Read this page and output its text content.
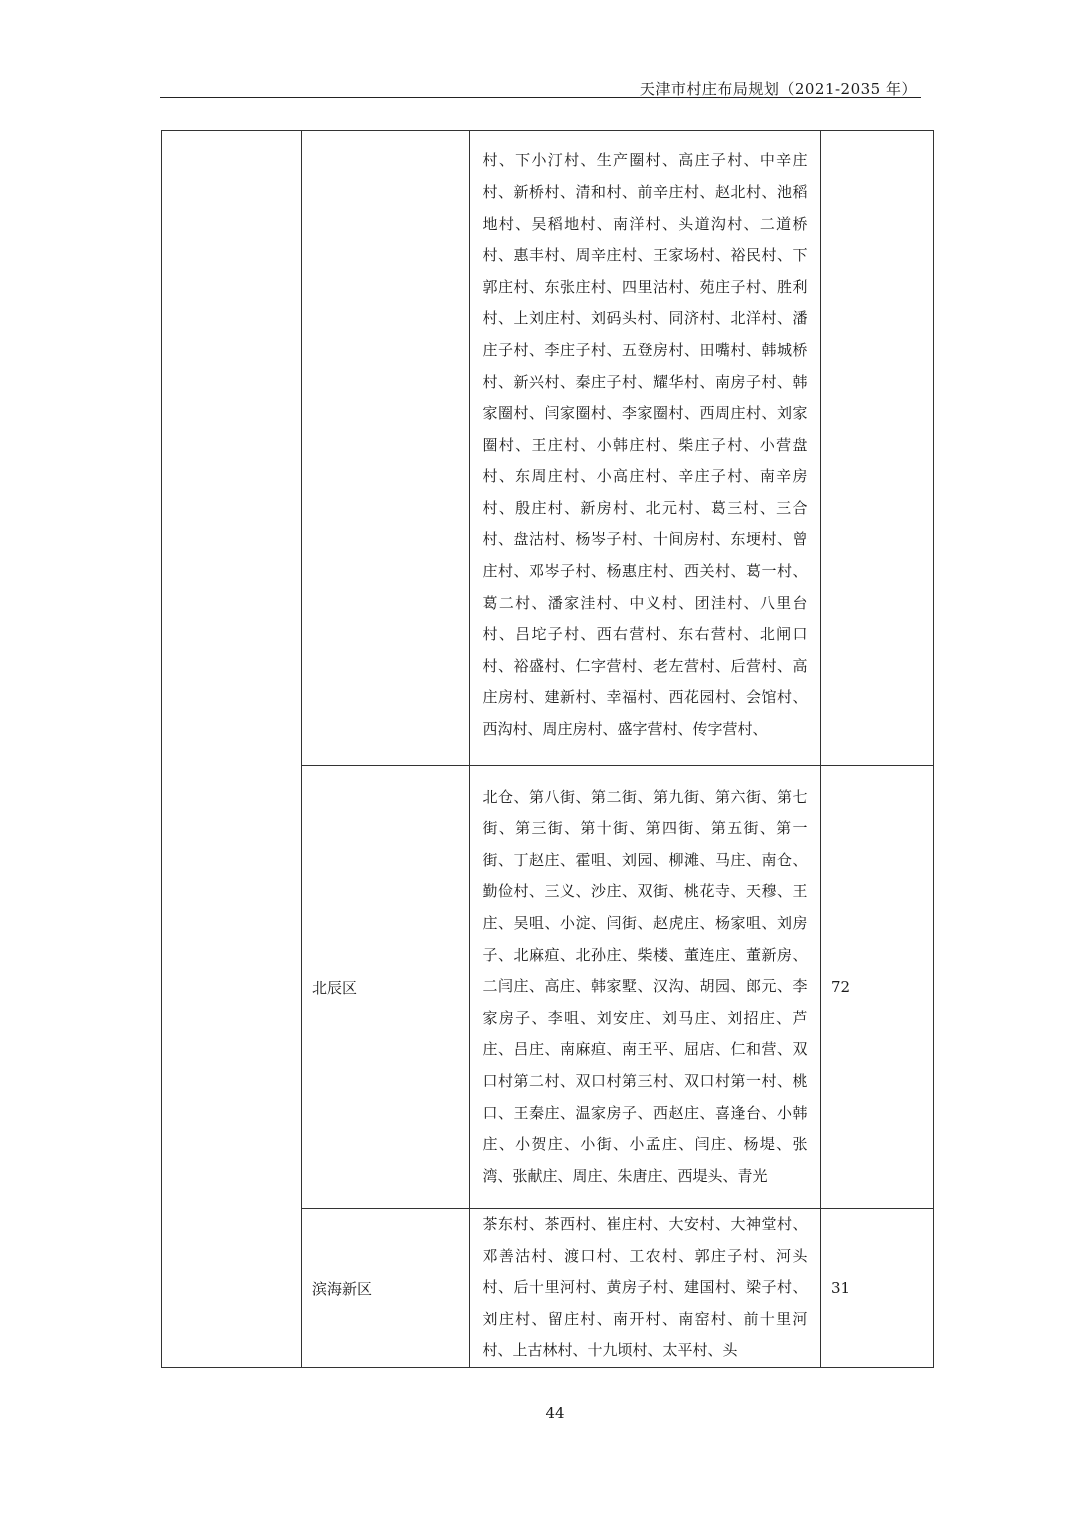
天津市村庄布局规划（2021-2035 年）

		村、下小汀村、生产圈村、高庄子村、中辛庄村、新桥村、清和村、前辛庄村、赵北村、池稻地村、吴稻地村、南洋村、头道沟村、二道桥村、惠丰村、周辛庄村、王家场村、裕民村、下郭庄村、东张庄村、四里沽村、苑庄子村、胜利村、上刘庄村、刘码头村、同济村、北洋村、潘庄子村、李庄子村、五登房村、田嘴村、韩城桥村、新兴村、秦庄子村、耀华村、南房子村、韩家圈村、闫家圈村、李家圈村、西周庄村、刘家圈村、王庄村、小韩庄村、柴庄子村、小营盘村、东周庄村、小高庄村、辛庄子村、南辛房村、殷庄村、新房村、北元村、葛三村、三合村、盘沽村、杨岑子村、十间房村、东埂村、曾庄村、邓岑子村、杨惠庄村、西关村、葛一村、葛二村、潘家洼村、中义村、团洼村、八里台村、吕坨子村、西右营村、东右营村、北闸口村、裕盛村、仁字营村、老左营村、后营村、高庄房村、建新村、幸福村、西花园村、会馆村、西沟村、周庄房村、盛字营村、传字营村、	

	北辰区	北仓、第八街、第二街、第九街、第六街、第七街、第三街、第十街、第四街、第五街、第一街、丁赵庄、霍咀、刘园、柳滩、马庄、南仓、勤俭村、三义、沙庄、双街、桃花寺、天穆、王庄、吴咀、小淀、闫街、赵虎庄、杨家咀、刘房子、北麻疸、北孙庄、柴楼、董连庄、董新房、二闫庄、高庄、韩家墅、汉沟、胡园、郎元、李家房子、李咀、刘安庄、刘马庄、刘招庄、芦庄、吕庄、南麻疸、南王平、屈店、仁和营、双口村第二村、双口村第三村、双口村第一村、桃口、王秦庄、温家房子、西赵庄、喜逢台、小韩庄、小贺庄、小街、小孟庄、闫庄、杨堤、张湾、张献庄、周庄、朱唐庄、西堤头、青光	72
	滨海新区	茶东村、茶西村、崔庄村、大安村、大神堂村、邓善沽村、渡口村、工农村、郭庄子村、河头村、后十里河村、黄房子村、建国村、梁子村、刘庄村、留庄村、南开村、南窑村、前十里河村、上古林村、十九顷村、太平村、头	31
44
